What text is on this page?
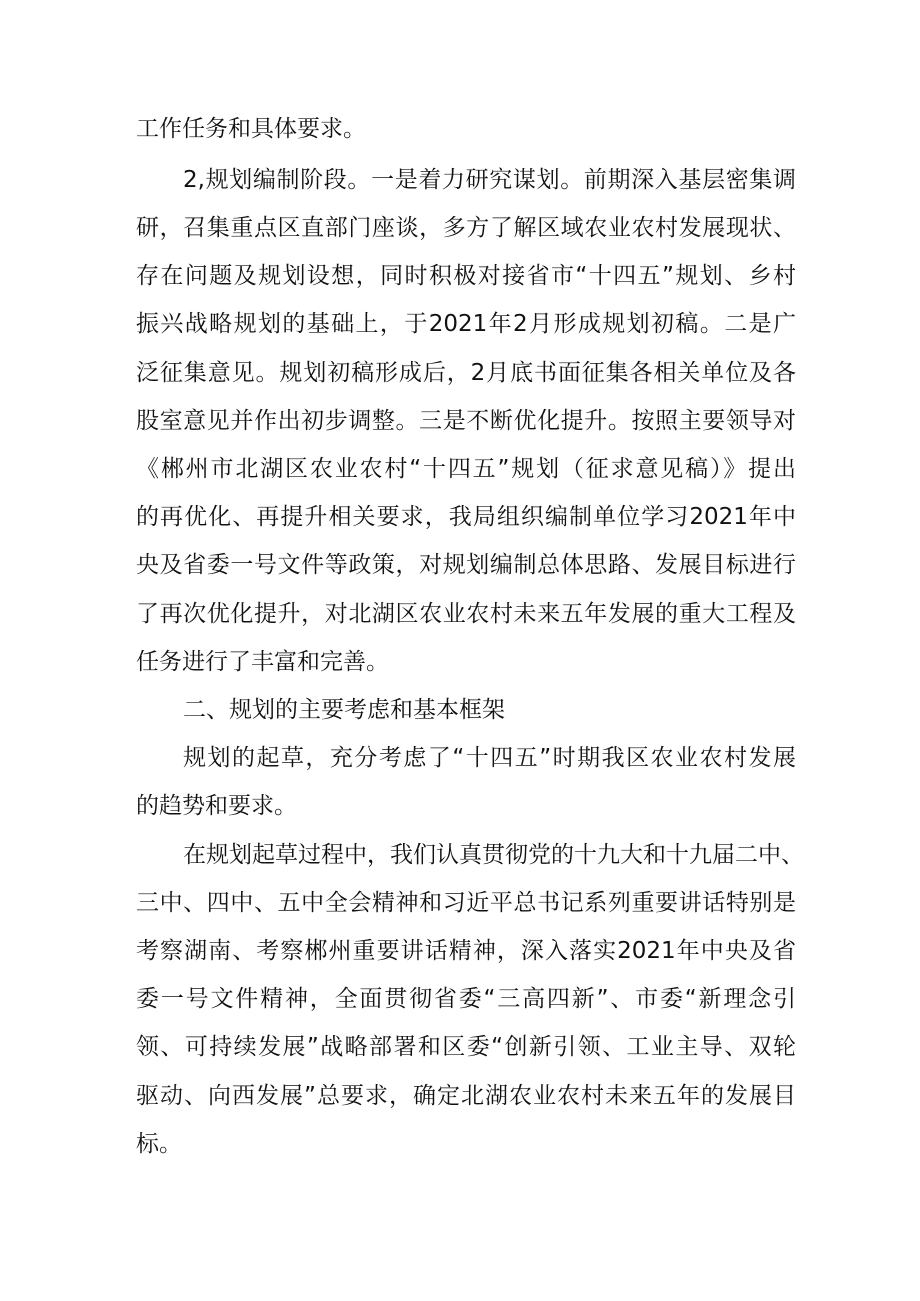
工作任务和具体要求。
2,规划编制阶段。一是着力研究谋划。前期深入基层密集调
研，召集重点区直部门座谈，多方了解区域农业农村发展现状、
存在问题及规划设想，同时积极对接省市“十四五”规划、乡村
振兴战略规划的基础上，于2021年2月形成规划初稿。二是广
泛征集意见。规划初稿形成后，2月底书面征集各相关单位及各
股室意见并作出初步调整。三是不断优化提升。按照主要领导对
《郴州市北湖区农业农村“十四五”规划（征求意见稿）》提出
的再优化、再提升相关要求，我局组织编制单位学习2021年中
央及省委一号文件等政策，对规划编制总体思路、发展目标进行
了再次优化提升，对北湖区农业农村未来五年发展的重大工程及
任务进行了丰富和完善。
二、规划的主要考虑和基本框架
规划的起草，充分考虑了“十四五”时期我区农业农村发展
的趋势和要求。
在规划起草过程中，我们认真贯彻党的十九大和十九届二中、
三中、四中、五中全会精神和习近平总书记系列重要讲话特别是
考察湖南、考察郴州重要讲话精神，深入落实2021年中央及省
委一号文件精神，全面贯彻省委“三高四新”、市委“新理念引
领、可持续发展”战略部署和区委“创新引领、工业主导、双轮
驱动、向西发展”总要求，确定北湖农业农村未来五年的发展目
标。
